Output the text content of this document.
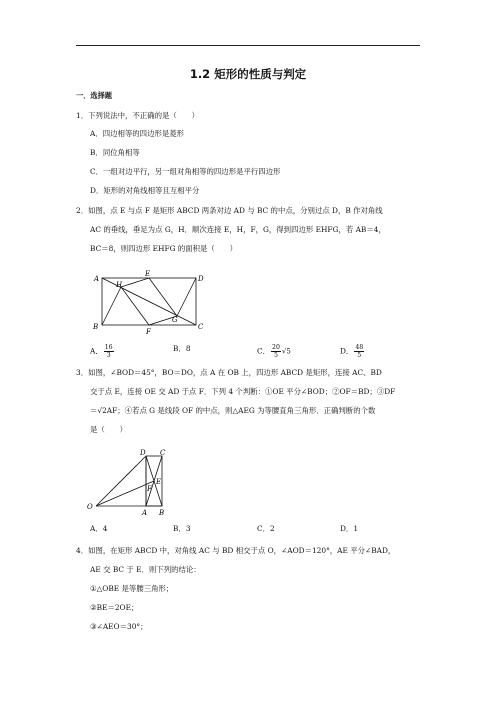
1.2 矩形的性质与判定
一．选择题
1．下列说法中，不正确的是（　　）
A．四边相等的四边形是菱形
B．同位角相等
C．一组对边平行，另一组对角相等的四边形是平行四边形
D．矩形的对角线相等且互相平分
2．如图，点 E 与点 F 是矩形 ABCD 两条对边 AD 与 BC 的中点，分别过点 D，B 作对角线
AC 的垂线，垂足为点 G，H．顺次连接 E，H，F，G，得到四边形 EHFG，若 AB＝4，
BC＝8，则四边形 EHFG 的面积是（　　）
A
E
D
H
G
B
F
C
A． $\frac{16}{3}$	B．8	C． $\frac{20}{5} √5$	D． $\frac{48}{5}$
3．如图，∠BOD＝45°，BO＝DO，点 A 在 OB 上，四边形 ABCD 是矩形，连接 AC、BD
交于点 E，连接 OE 交 AD 于点 F．下列 4 个判断：①OE 平分∠BOD；②OF＝BD；③DF
＝√2AF；④若点 G 是线段 OF 的中点，则△AEG 为等腰直角三角形．正确判断的个数
是（　　）
D C
E
F
O
A B
A．4	B．3	C．2	D．1
4．如图，在矩形 ABCD 中，对角线 AC 与 BD 相交于点 O，∠AOD＝120°，AE 平分∠BAD，
AE 交 BC 于 E．则下列的结论：
①△OBE 是等腰三角形；
②BE＝2OE；
③∠AEO＝30°；
